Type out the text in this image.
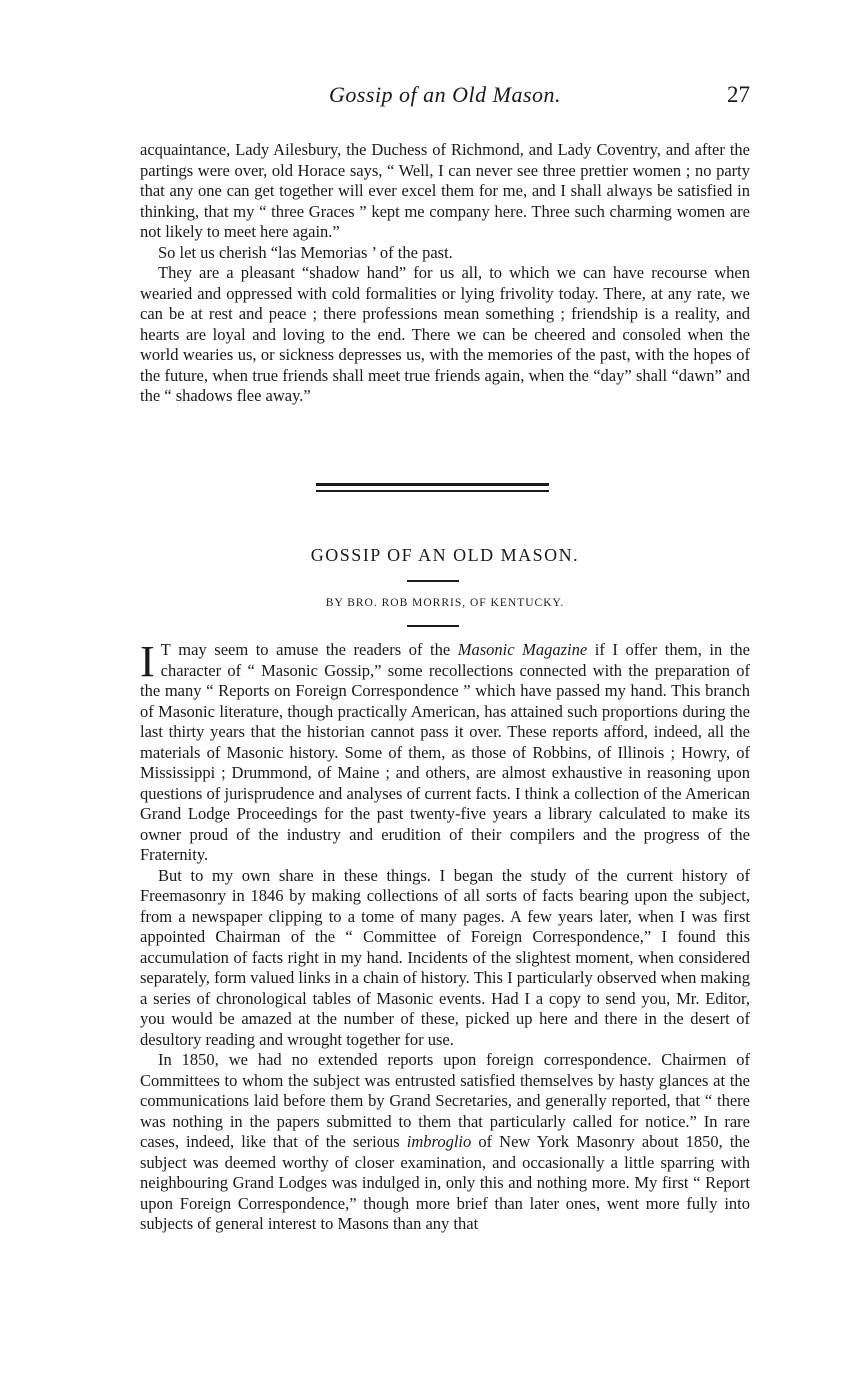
Gossip of an Old Mason.	27

acquaintance, Lady Ailesbury, the Duchess of Richmond, and Lady Coventry, and after the partings were over, old Horace says, “ Well, I can never see three prettier women ; no party that any one can get together will ever excel them for me, and I shall always be satisfied in thinking, that my “ three Graces ” kept me company here. Three such charming women are not likely to meet here again.”

So let us cherish “las Memorias ’ of the past.

They are a pleasant “shadow hand” for us all, to which we can have recourse when wearied and oppressed with cold formalities or lying frivolity today. There, at any rate, we can be at rest and peace ; there professions mean something ; friendship is a reality, and hearts are loyal and loving to the end. There we can be cheered and consoled when the world wearies us, or sickness depresses us, with the memories of the past, with the hopes of the future, when true friends shall meet true friends again, when the “day” shall “dawn” and the “ shadows flee away.”

GOSSIP OF AN OLD MASON.
BY BRO. ROB MORRIS, OF KENTUCKY.

I T may seem to amuse the readers of the Masonic Magazine if I offer them, in the character of “ Masonic Gossip,” some recollections connected with the preparation of the many “ Reports on Foreign Correspondence ” which have passed my hand. This branch of Masonic literature, though practically American, has attained such proportions during the last thirty years that the historian cannot pass it over. These reports afford, indeed, all the materials of Masonic history. Some of them, as those of Robbins, of Illinois ; Howry, of Mississippi ; Drummond, of Maine ; and others, are almost exhaustive in reasoning upon questions of jurisprudence and analyses of current facts. I think a collection of the American Grand Lodge Proceedings for the past twenty-five years a library calculated to make its owner proud of the industry and erudition of their compilers and the progress of the Fraternity.

But to my own share in these things. I began the study of the current history of Freemasonry in 1846 by making collections of all sorts of facts bearing upon the subject, from a newspaper clipping to a tome of many pages. A few years later, when I was first appointed Chairman of the “ Committee of Foreign Correspondence,” I found this accumulation of facts right in my hand. Incidents of the slightest moment, when considered separately, form valued links in a chain of history. This I particularly observed when making a series of chronological tables of Masonic events. Had I a copy to send you, Mr. Editor, you would be amazed at the number of these, picked up here and there in the desert of desultory reading and wrought together for use.

In 1850, we had no extended reports upon foreign correspondence. Chairmen of Committees to whom the subject was entrusted satisfied themselves by hasty glances at the communications laid before them by Grand Secretaries, and generally reported, that “ there was nothing in the papers submitted to them that particularly called for notice.” In rare cases, indeed, like that of the serious imbroglio of New York Masonry about 1850, the subject was deemed worthy of closer examination, and occasionally a little sparring with neighbouring Grand Lodges was indulged in, only this and nothing more. My first “ Report upon Foreign Correspondence,” though more brief than later ones, went more fully into subjects of general interest to Masons than any that
